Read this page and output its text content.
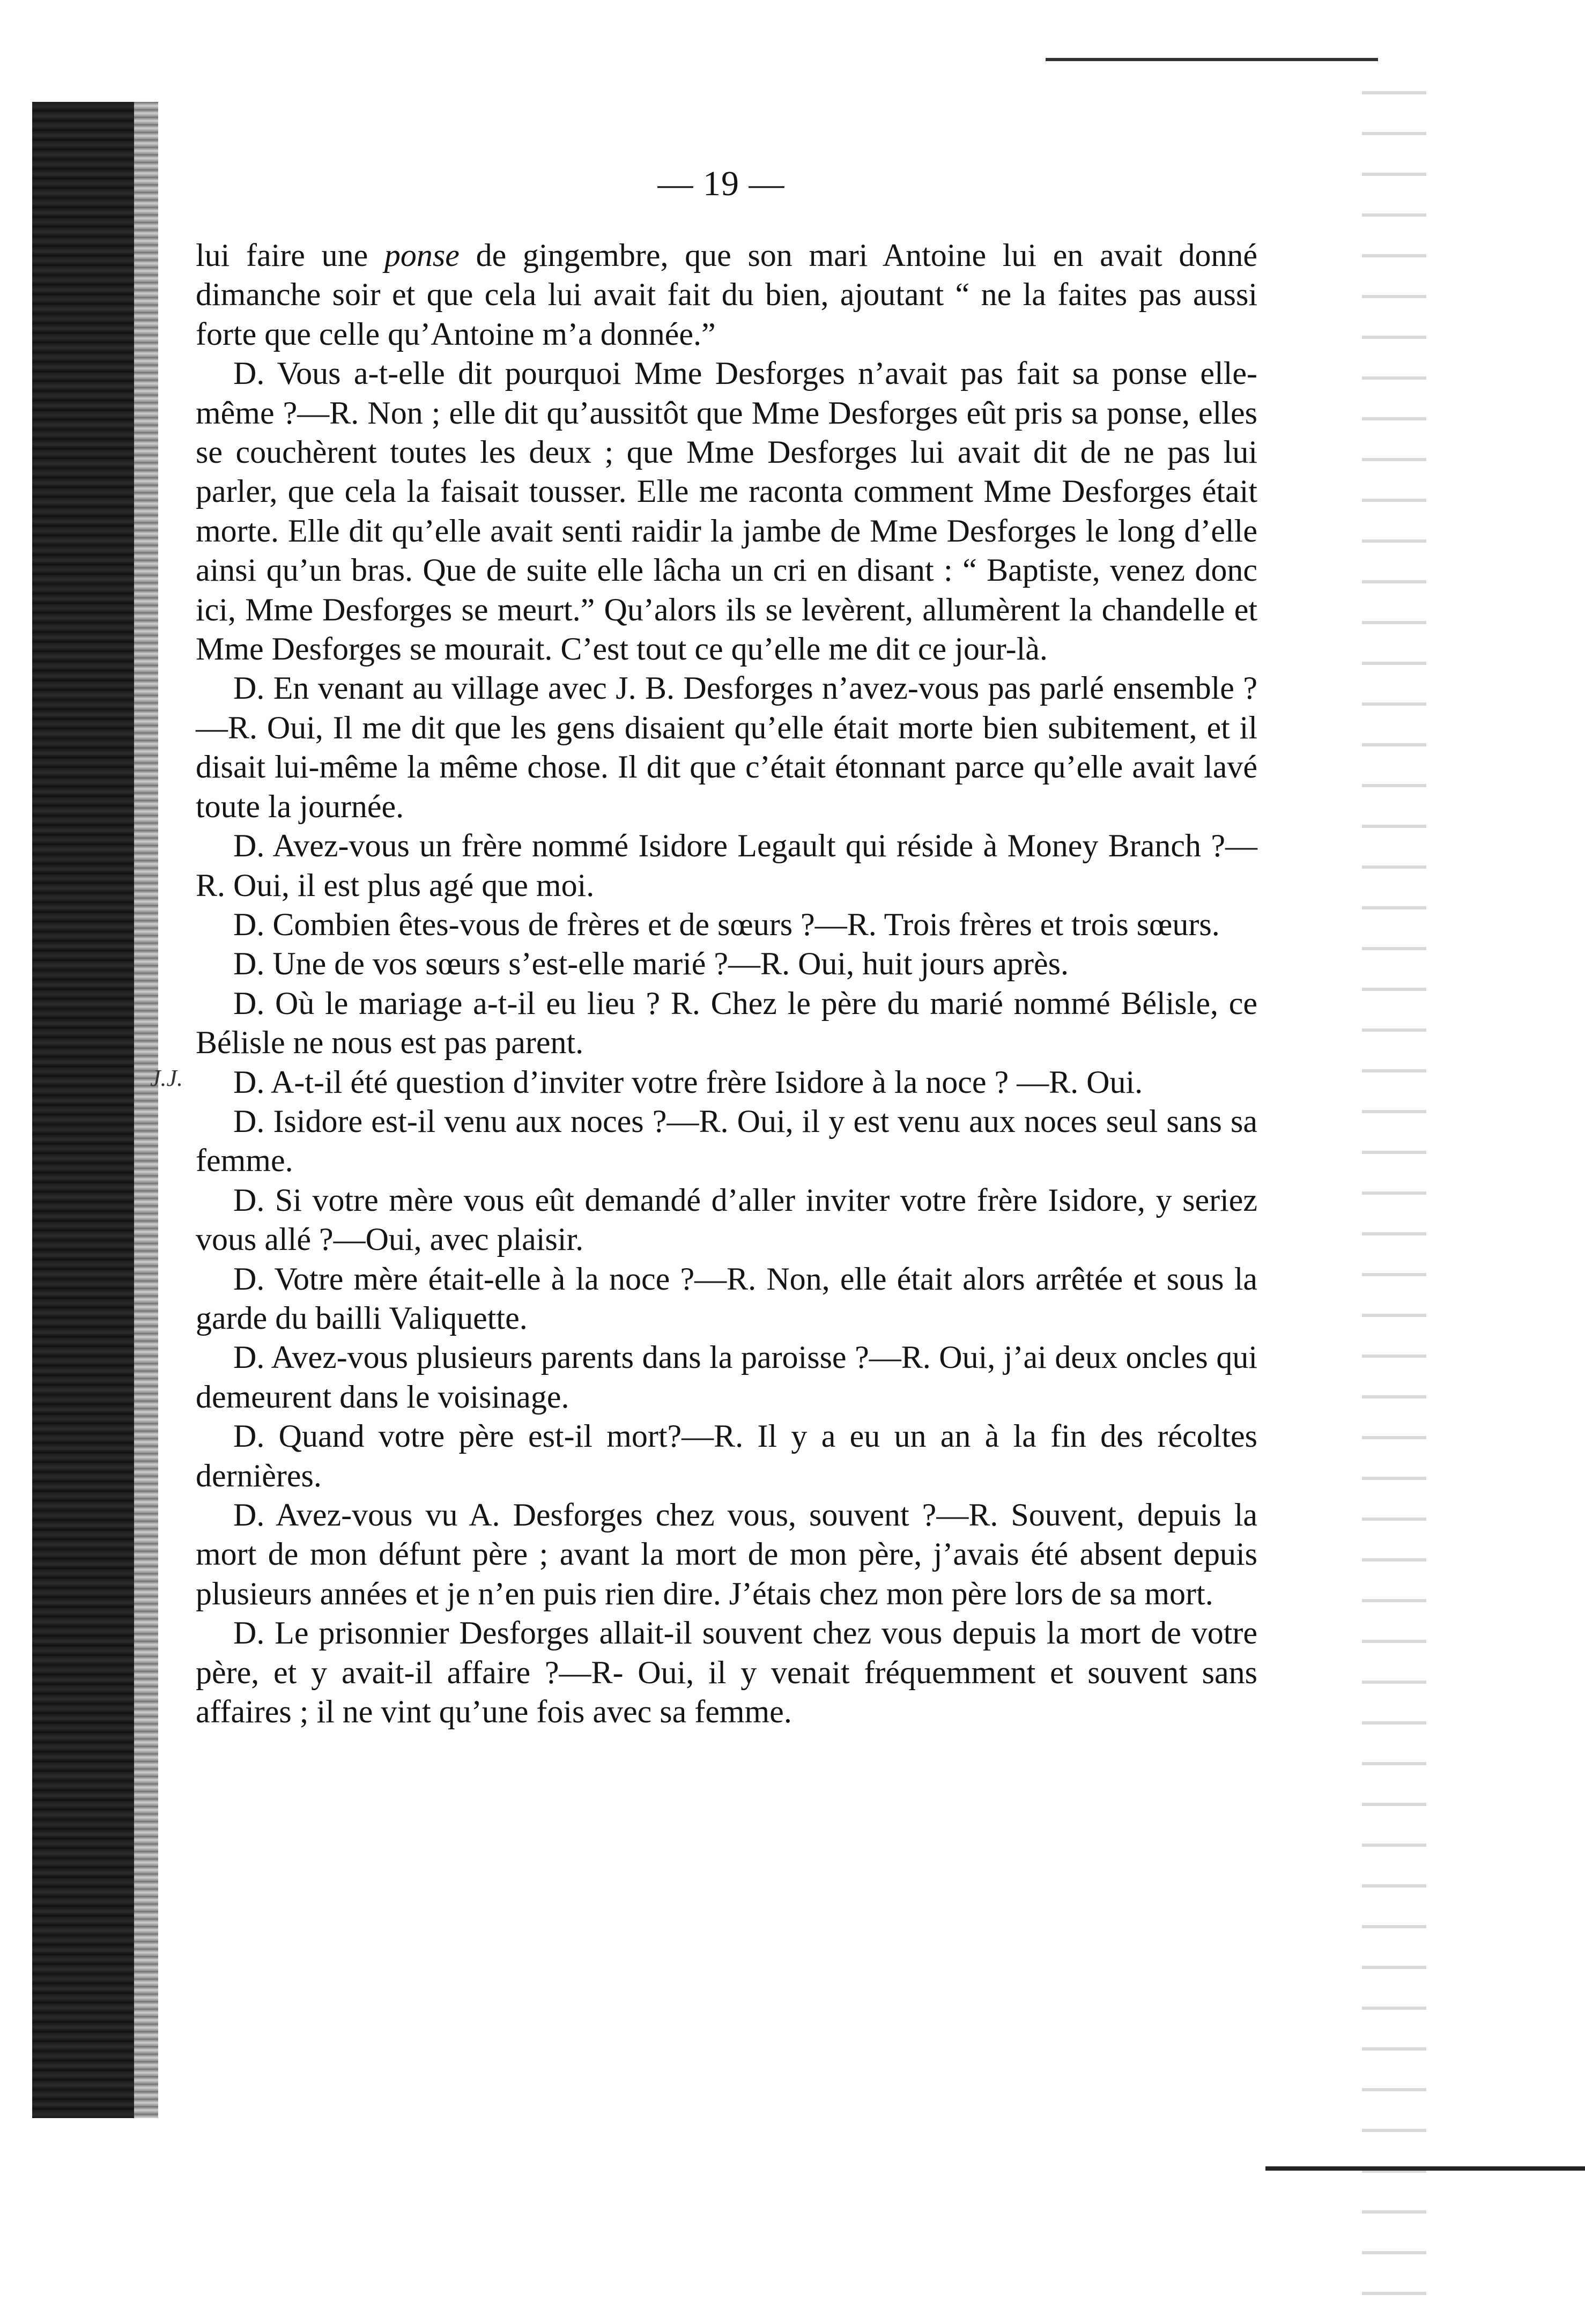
— 19 —
J.J.

lui faire une ponse de gingembre, que son mari Antoine lui en avait donné dimanche soir et que cela lui avait fait du bien, ajoutant “ ne la faites pas aussi forte que celle qu’Antoine m’a donnée.”

D. Vous a-t-elle dit pourquoi Mme Desforges n’avait pas fait sa ponse elle-même ?—R. Non ; elle dit qu’aussitôt que Mme Desforges eût pris sa ponse, elles se couchèrent toutes les deux ; que Mme Desforges lui avait dit de ne pas lui parler, que cela la faisait tousser. Elle me raconta comment Mme Desforges était morte. Elle dit qu’elle avait senti raidir la jambe de Mme Desforges le long d’elle ainsi qu’un bras. Que de suite elle lâcha un cri en disant : “ Baptiste, venez donc ici, Mme Desforges se meurt.” Qu’alors ils se levèrent, allumèrent la chandelle et Mme Desforges se mourait. C’est tout ce qu’elle me dit ce jour-là.

D. En venant au village avec J. B. Desforges n’avez-vous pas parlé ensemble ?—R. Oui, Il me dit que les gens disaient qu’elle était morte bien subitement, et il disait lui-même la même chose. Il dit que c’était étonnant parce qu’elle avait lavé toute la journée.

D. Avez-vous un frère nommé Isidore Legault qui réside à Money Branch ?—R. Oui, il est plus agé que moi.

D. Combien êtes-vous de frères et de sœurs ?—R. Trois frères et trois sœurs.

D. Une de vos sœurs s’est-elle marié ?—R. Oui, huit jours après.

D. Où le mariage a-t-il eu lieu ? R. Chez le père du marié nommé Bélisle, ce Bélisle ne nous est pas parent.

D. A-t-il été question d’inviter votre frère Isidore à la noce ? —R. Oui.

D. Isidore est-il venu aux noces ?—R. Oui, il y est venu aux noces seul sans sa femme.

D. Si votre mère vous eût demandé d’aller inviter votre frère Isidore, y seriez vous allé ?—Oui, avec plaisir.

D. Votre mère était-elle à la noce ?—R. Non, elle était alors arrêtée et sous la garde du bailli Valiquette.

D. Avez-vous plusieurs parents dans la paroisse ?—R. Oui, j’ai deux oncles qui demeurent dans le voisinage.

D. Quand votre père est-il mort?—R. Il y a eu un an à la fin des récoltes dernières.

D. Avez-vous vu A. Desforges chez vous, souvent ?—R. Souvent, depuis la mort de mon défunt père ; avant la mort de mon père, j’avais été absent depuis plusieurs années et je n’en puis rien dire. J’étais chez mon père lors de sa mort.

D. Le prisonnier Desforges allait-il souvent chez vous depuis la mort de votre père, et y avait-il affaire ?—R- Oui, il y venait fréquemment et souvent sans affaires ; il ne vint qu’une fois avec sa femme.
